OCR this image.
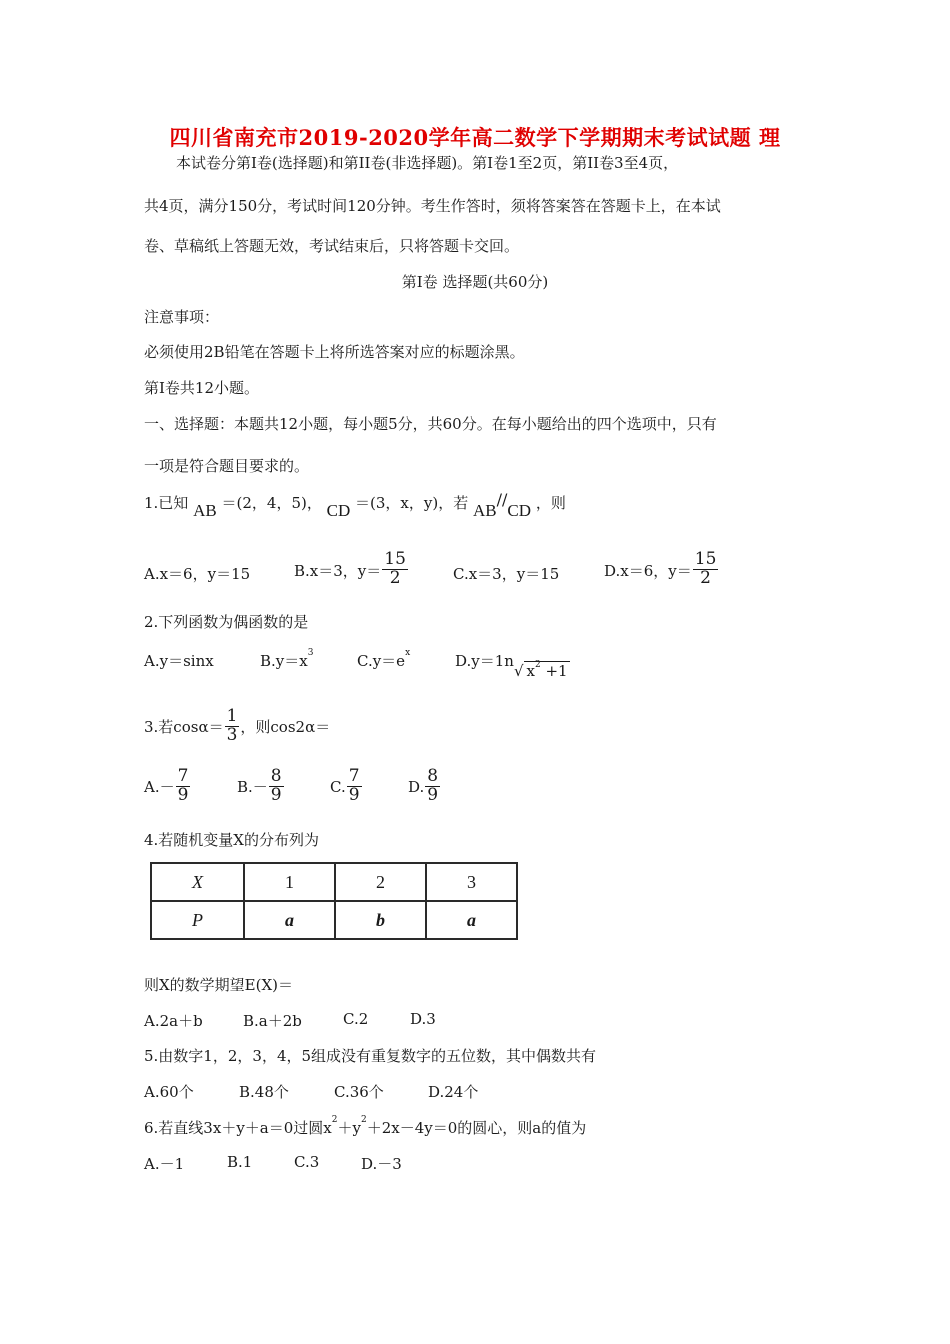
四川省南充市2019-2020学年高二数学下学期期末考试试题 理
本试卷分第Ⅰ卷(选择题)和第II卷(非选择题)。第Ⅰ卷1至2页，第II卷3至4页，
共4页，满分150分，考试时间120分钟。考生作答时，须将答案答在答题卡上，在本试
卷、草稿纸上答题无效，考试结束后，只将答题卡交回。
第Ⅰ卷 选择题(共60分)
注意事项：
必须使用2B铅笔在答题卡上将所选答案对应的标题涂黑。
第Ⅰ卷共12小题。
一、选择题：本题共12小题，每小题5分，共60分。在每小题给出的四个选项中，只有
一项是符合题目要求的。
1.已知 AB ＝(2，4，5)， CD ＝(3，x，y)，若 AB//CD ，则
A.x＝6，y＝15	B.x＝3，$y= \frac{15}{2}$	C.x＝3，y＝15	D.x＝6，$y= \frac{15}{2}$
2.下列函数为偶函数的是
A.y＝sinx	$B.y=x^3$	$C.y=e^x$	D.y＝1n√ $x^2 +1$
3.若$\cos\alpha= \frac{1}{3}$ ，则cos2α＝
$A.- \frac{7}{9}$	$B.- \frac{8}{9}$	C. $\frac{7}{9}$	D. $\frac{8}{9}$
4.若随机变量X的分布列为
X	1	2	3
P	a	b	a
则X的数学期望E(X)＝
A.2a＋b	B.a＋2b	C.2	D.3
5.由数字1，2，3，4，5组成没有重复数字的五位数，其中偶数共有
A.60个	B.48个	C.36个	D.24个
6.若直线3x＋y＋a＝0过圆$x^2+y^2+2x-4y=0$的圆心，则a的值为
A.－1	B.1	C.3	D.－3
